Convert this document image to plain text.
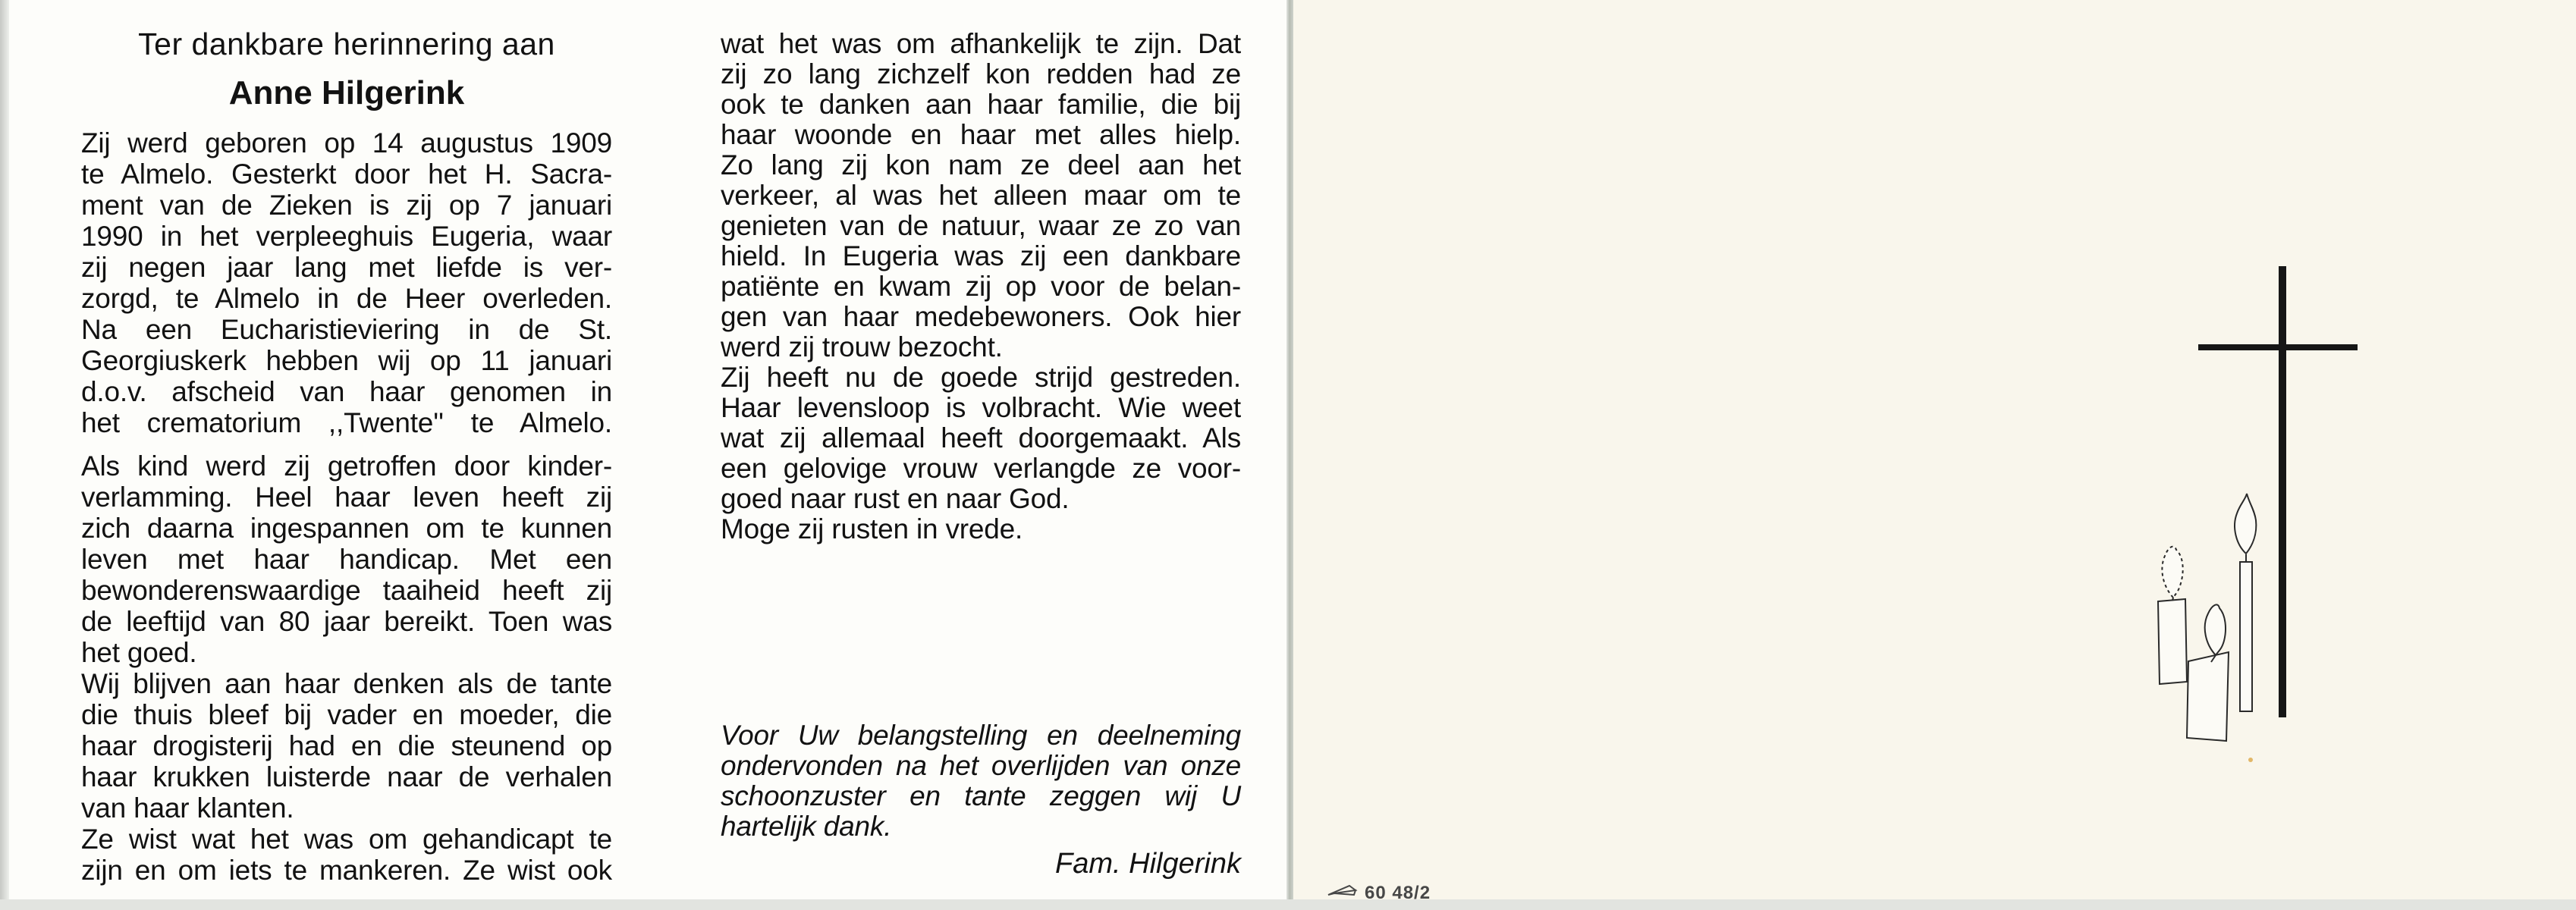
Ter dankbare herinnering aan
Anne Hilgerink
Zij werd geboren op 14 augustus 1909
te Almelo. Gesterkt door het H. Sacra-
ment van de Zieken is zij op 7 januari
1990 in het verpleeghuis Eugeria, waar
zij negen jaar lang met liefde is ver-
zorgd, te Almelo in de Heer overleden.
Na een Eucharistieviering in de St.
Georgiuskerk hebben wij op 11 januari
d.o.v. afscheid van haar genomen in
het crematorium ,,Twente'' te Almelo.
Als kind werd zij getroffen door kinder-
verlamming. Heel haar leven heeft zij
zich daarna ingespannen om te kunnen
leven met haar handicap. Met een
bewonderenswaardige taaiheid heeft zij
de leeftijd van 80 jaar bereikt. Toen was
het goed.
Wij blijven aan haar denken als de tante
die thuis bleef bij vader en moeder, die
haar drogisterij had en die steunend op
haar krukken luisterde naar de verhalen
van haar klanten.
Ze wist wat het was om gehandicapt te
zijn en om iets te mankeren. Ze wist ook
wat het was om afhankelijk te zijn. Dat
zij zo lang zichzelf kon redden had ze
ook te danken aan haar familie, die bij
haar woonde en haar met alles hielp.
Zo lang zij kon nam ze deel aan het
verkeer, al was het alleen maar om te
genieten van de natuur, waar ze zo van
hield. In Eugeria was zij een dankbare
patiënte en kwam zij op voor de belan-
gen van haar medebewoners. Ook hier
werd zij trouw bezocht.
Zij heeft nu de goede strijd gestreden.
Haar levensloop is volbracht. Wie weet
wat zij allemaal heeft doorgemaakt. Als
een gelovige vrouw verlangde ze voor-
goed naar rust en naar God.
Moge zij rusten in vrede.
Voor Uw belangstelling en deelneming
ondervonden na het overlijden van onze
schoonzuster en tante zeggen wij U
hartelijk dank.
Fam. Hilgerink
60 48/2
